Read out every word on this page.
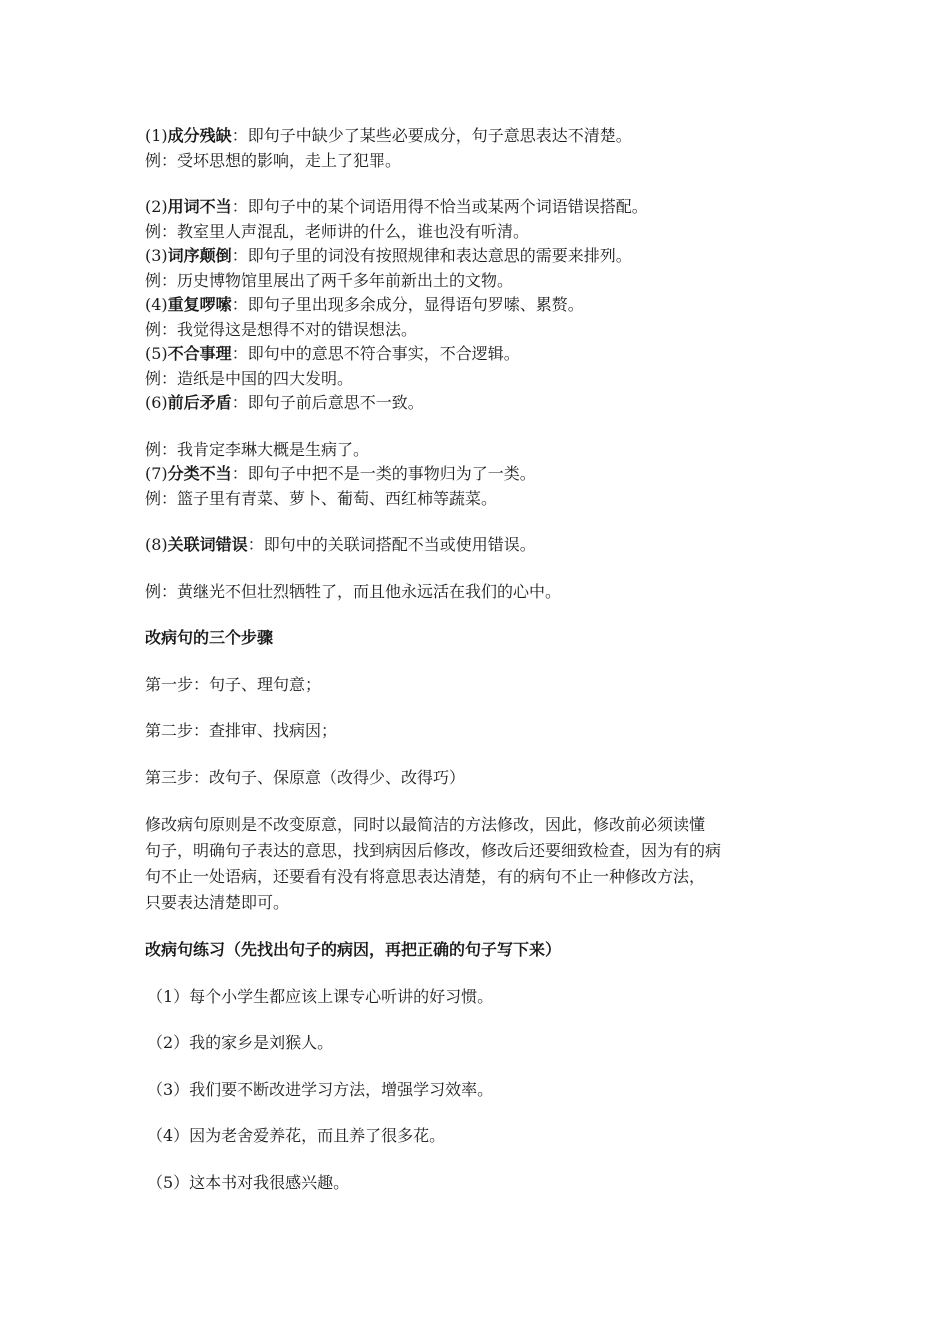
(1)成分残缺：即句子中缺少了某些必要成分，句子意思表达不清楚。
例：受坏思想的影响，走上了犯罪。
(2)用词不当：即句子中的某个词语用得不恰当或某两个词语错误搭配。
例：教室里人声混乱，老师讲的什么，谁也没有听清。
(3)词序颠倒：即句子里的词没有按照规律和表达意思的需要来排列。
例：历史博物馆里展出了两千多年前新出土的文物。
(4)重复啰嗦：即句子里出现多余成分，显得语句罗嗦、累赘。
例：我觉得这是想得不对的错误想法。
(5)不合事理：即句中的意思不符合事实，不合逻辑。
例：造纸是中国的四大发明。
(6)前后矛盾：即句子前后意思不一致。
例：我肯定李琳大概是生病了。
(7)分类不当：即句子中把不是一类的事物归为了一类。
例：篮子里有青菜、萝卜、葡萄、西红柿等蔬菜。
(8)关联词错误：即句中的关联词搭配不当或使用错误。
例：黄继光不但壮烈牺牲了，而且他永远活在我们的心中。
改病句的三个步骤
第一步：句子、理句意；
第二步：查排审、找病因；
第三步：改句子、保原意（改得少、改得巧）
修改病句原则是不改变原意，同时以最简洁的方法修改，因此，修改前必须读懂
句子，明确句子表达的意思，找到病因后修改，修改后还要细致检查，因为有的病
句不止一处语病，还要看有没有将意思表达清楚，有的病句不止一种修改方法，
只要表达清楚即可。
改病句练习（先找出句子的病因，再把正确的句子写下来）
（1）每个小学生都应该上课专心听讲的好习惯。
（2）我的家乡是刘猴人。
（3）我们要不断改进学习方法，增强学习效率。
（4）因为老舍爱养花，而且养了很多花。
（5）这本书对我很感兴趣。
